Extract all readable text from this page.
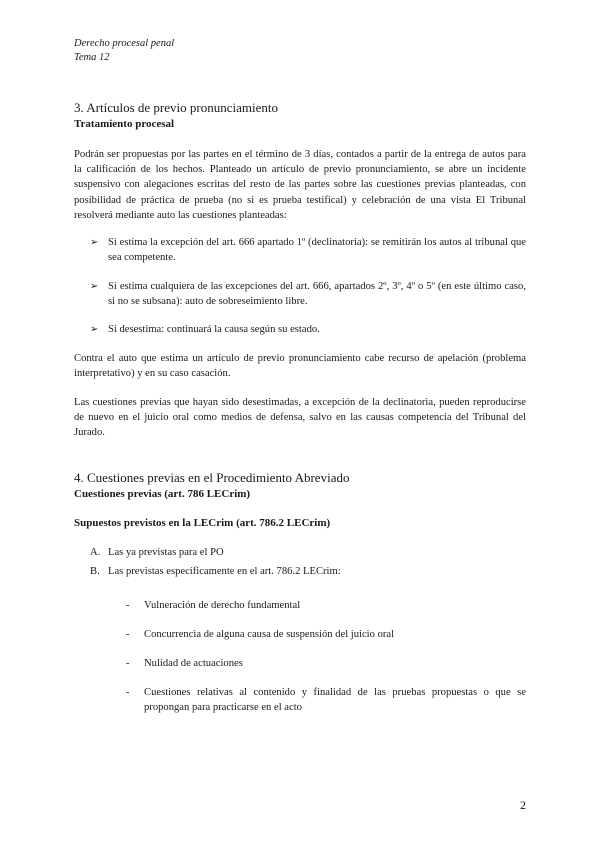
Derecho procesal penal
Tema 12
3. Artículos de previo pronunciamiento
Tratamiento procesal
Podrán ser propuestas por las partes en el término de 3 días, contados a partir de la entrega de autos para la calificación de los hechos. Planteado un artículo de previo pronunciamiento, se abre un incidente suspensivo con alegaciones escritas del resto de las partes sobre las cuestiones previas planteadas, con posibilidad de práctica de prueba (no si es prueba testifical) y celebración de una vista El Tribunal resolverá mediante auto las cuestiones planteadas:
➢ Si estima la excepción del art. 666 apartado 1º (declinatoria): se remitirán los autos al tribunal que sea competente.
➢ Si estima cualquiera de las excepciones del art. 666, apartados 2º, 3º, 4º o 5º (en este último caso, si no se subsana): auto de sobreseimiento libre.
➢ Si desestima: continuará la causa según su estado.
Contra el auto que estima un artículo de previo pronunciamiento cabe recurso de apelación (problema interpretativo) y en su caso casación.
Las cuestiones previas que hayan sido desestimadas, a excepción de la declinatoria, pueden reproducirse de nuevo en el juicio oral como medios de defensa, salvo en las causas competencia del Tribunal del Jurado.
4. Cuestiones previas en el Procedimiento Abreviado
Cuestiones previas (art. 786 LECrim)
Supuestos previstos en la LECrim (art. 786.2 LECrim)
A. Las ya previstas para el PO
B. Las previstas específicamente en el art. 786.2 LECrim:
- Vulneración de derecho fundamental
- Concurrencia de alguna causa de suspensión del juicio oral
- Nulidad de actuaciones
- Cuestiones relativas al contenido y finalidad de las pruebas propuestas o que se propongan para practicarse en el acto
2
